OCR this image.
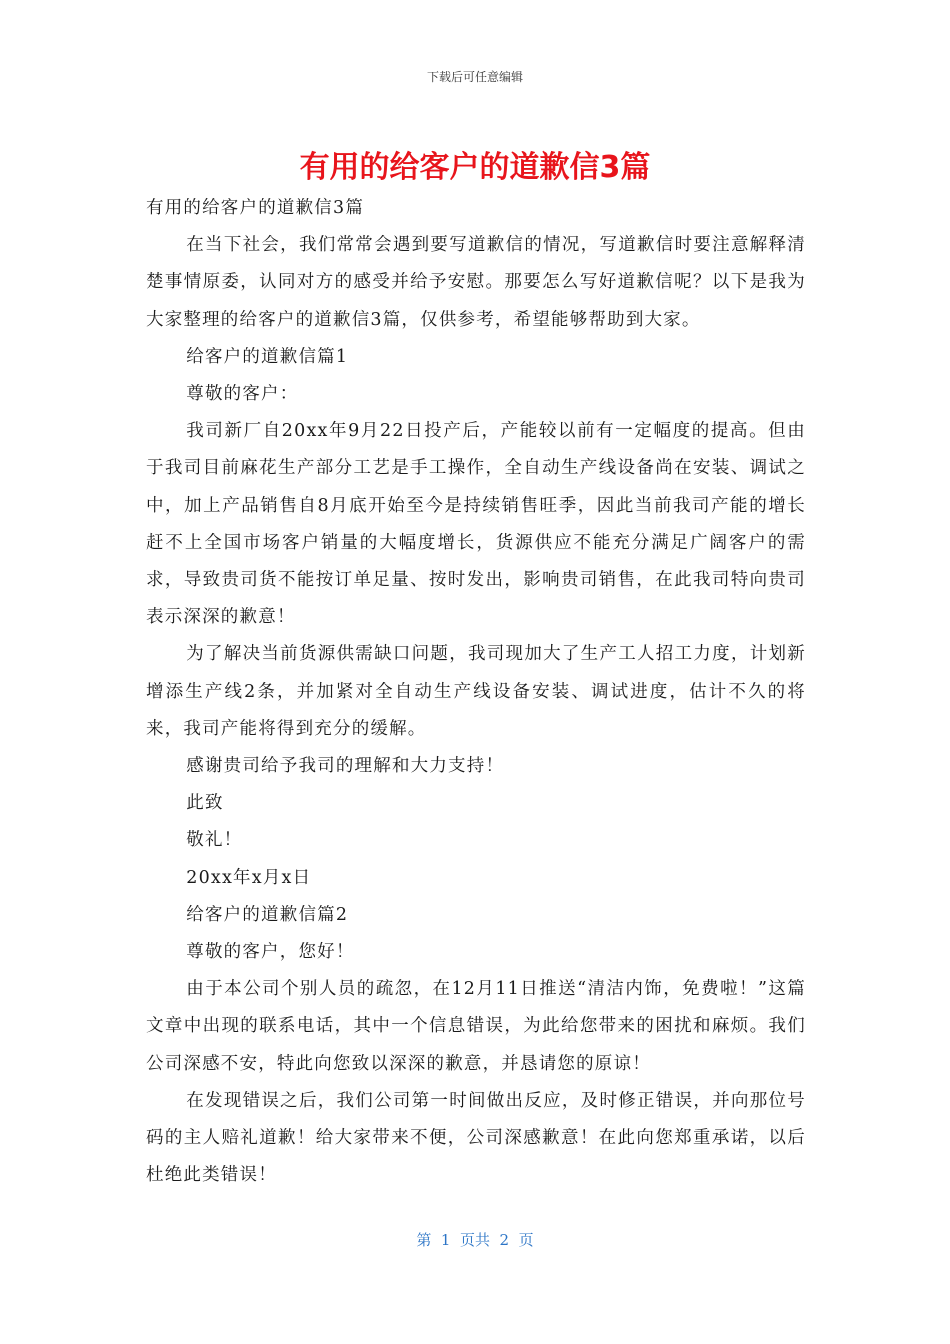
下载后可任意编辑
有用的给客户的道歉信3篇

有用的给客户的道歉信3篇

在当下社会，我们常常会遇到要写道歉信的情况，写道歉信时要注意解释清楚事情原委，认同对方的感受并给予安慰。那要怎么写好道歉信呢？以下是我为大家整理的给客户的道歉信3篇，仅供参考，希望能够帮助到大家。

给客户的道歉信篇1

尊敬的客户：

我司新厂自20xx年9月22日投产后，产能较以前有一定幅度的提高。但由于我司目前麻花生产部分工艺是手工操作，全自动生产线设备尚在安装、调试之中，加上产品销售自8月底开始至今是持续销售旺季，因此当前我司产能的增长赶不上全国市场客户销量的大幅度增长，货源供应不能充分满足广阔客户的需求，导致贵司货不能按订单足量、按时发出，影响贵司销售，在此我司特向贵司表示深深的歉意！

为了解决当前货源供需缺口问题，我司现加大了生产工人招工力度，计划新增添生产线2条，并加紧对全自动生产线设备安装、调试进度，估计不久的将来，我司产能将得到充分的缓解。

感谢贵司给予我司的理解和大力支持！

此致

敬礼！

20xx年x月x日

给客户的道歉信篇2

尊敬的客户，您好！

由于本公司个别人员的疏忽，在12月11日推送“清洁内饰，免费啦！”这篇文章中出现的联系电话，其中一个信息错误，为此给您带来的困扰和麻烦。我们公司深感不安，特此向您致以深深的歉意，并恳请您的原谅！

在发现错误之后，我们公司第一时间做出反应，及时修正错误，并向那位号码的主人赔礼道歉！给大家带来不便，公司深感歉意！在此向您郑重承诺，以后杜绝此类错误！

第  1  页共  2  页
